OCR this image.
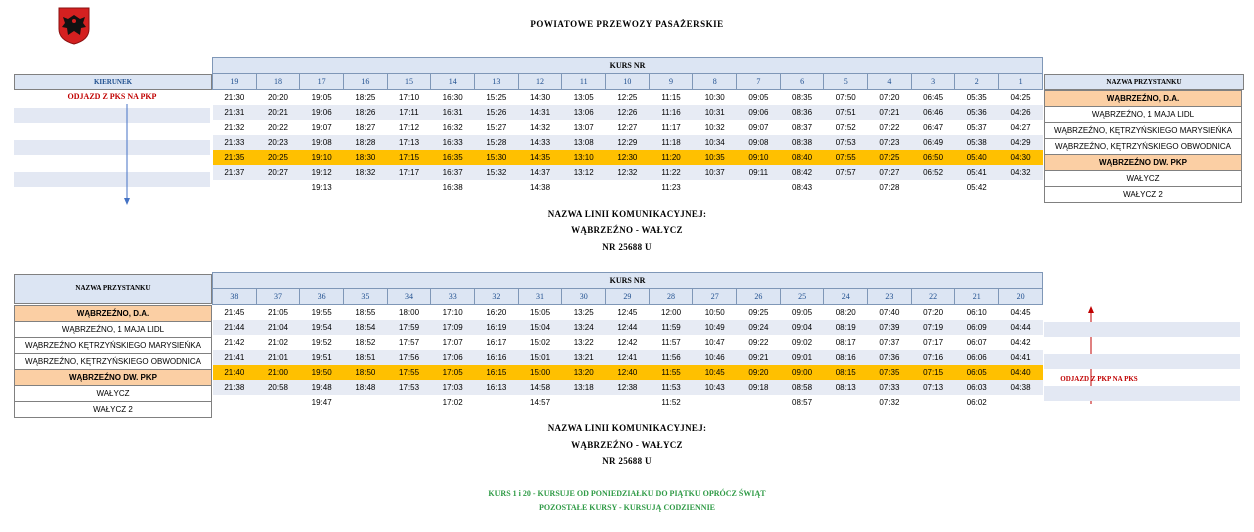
POWIATOWE PRZEWOZY PASAŻERSKIE
KIERUNEK
ODJAZD Z PKS NA PKP
KURS NR																		
19	18	17	16	15	14	13	12	11	10	9	8	7	6	5	4	3	2	1
21:30	20:20	19:05	18:25	17:10	16:30	15:25	14:30	13:05	12:25	11:15	10:30	09:05	08:35	07:50	07:20	06:45	05:35	04:25
21:31	20:21	19:06	18:26	17:11	16:31	15:26	14:31	13:06	12:26	11:16	10:31	09:06	08:36	07:51	07:21	06:46	05:36	04:26
21:32	20:22	19:07	18:27	17:12	16:32	15:27	14:32	13:07	12:27	11:17	10:32	09:07	08:37	07:52	07:22	06:47	05:37	04:27
21:33	20:23	19:08	18:28	17:13	16:33	15:28	14:33	13:08	12:29	11:18	10:34	09:08	08:38	07:53	07:23	06:49	05:38	04:29
21:35	20:25	19:10	18:30	17:15	16:35	15:30	14:35	13:10	12:30	11:20	10:35	09:10	08:40	07:55	07:25	06:50	05:40	04:30
21:37	20:27	19:12	18:32	17:17	16:37	15:32	14:37	13:12	12:32	11:22	10:37	09:11	08:42	07:57	07:27	06:52	05:41	04:32
		19:13			16:38		14:38			11:23			08:43		07:28		05:42	
NAZWA PRZYSTANKU
WĄBRZEŹNO, D.A.
WĄBRZEŹNO, 1 MAJA LIDL
WĄBRZEŹNO, KĘTRZYŃSKIEGO MARYSIEŃKA
WĄBRZEŹNO, KĘTRZYŃSKIEGO OBWODNICA
WĄBRZEŹNO DW. PKP
WAŁYCZ
WAŁYCZ 2
NAZWA LINII KOMUNIKACYJNEJ:
WĄBRZEŹNO - WAŁYCZ
NR 25688 U
NAZWA PRZYSTANKU
WĄBRZEŹNO, D.A.
WĄBRZEŹNO, 1 MAJA LIDL
WĄBRZEŹNO KĘTRZYŃSKIEGO MARYSIEŃKA
WĄBRZEŹNO, KĘTRZYŃSKIEGO OBWODNICA
WĄBRZEŹNO DW. PKP
WAŁYCZ
WAŁYCZ 2
KURS NR																		
38	37	36	35	34	33	32	31	30	29	28	27	26	25	24	23	22	21	20
21:45	21:05	19:55	18:55	18:00	17:10	16:20	15:05	13:25	12:45	12:00	10:50	09:25	09:05	08:20	07:40	07:20	06:10	04:45
21:44	21:04	19:54	18:54	17:59	17:09	16:19	15:04	13:24	12:44	11:59	10:49	09:24	09:04	08:19	07:39	07:19	06:09	04:44
21:42	21:02	19:52	18:52	17:57	17:07	16:17	15:02	13:22	12:42	11:57	10:47	09:22	09:02	08:17	07:37	07:17	06:07	04:42
21:41	21:01	19:51	18:51	17:56	17:06	16:16	15:01	13:21	12:41	11:56	10:46	09:21	09:01	08:16	07:36	07:16	06:06	04:41
21:40	21:00	19:50	18:50	17:55	17:05	16:15	15:00	13:20	12:40	11:55	10:45	09:20	09:00	08:15	07:35	07:15	06:05	04:40
21:38	20:58	19:48	18:48	17:53	17:03	16:13	14:58	13:18	12:38	11:53	10:43	09:18	08:58	08:13	07:33	07:13	06:03	04:38
		19:47			17:02		14:57			11:52			08:57		07:32		06:02	
ODJAZD Z PKP NA PKS
NAZWA LINII KOMUNIKACYJNEJ:
WĄBRZEŹNO - WAŁYCZ
NR 25688 U
KURS 1 i 20 - KURSUJE OD PONIEDZIAŁKU DO PIĄTKU OPRÓCZ ŚWIĄT
POZOSTAŁE KURSY - KURSUJĄ CODZIENNIE
